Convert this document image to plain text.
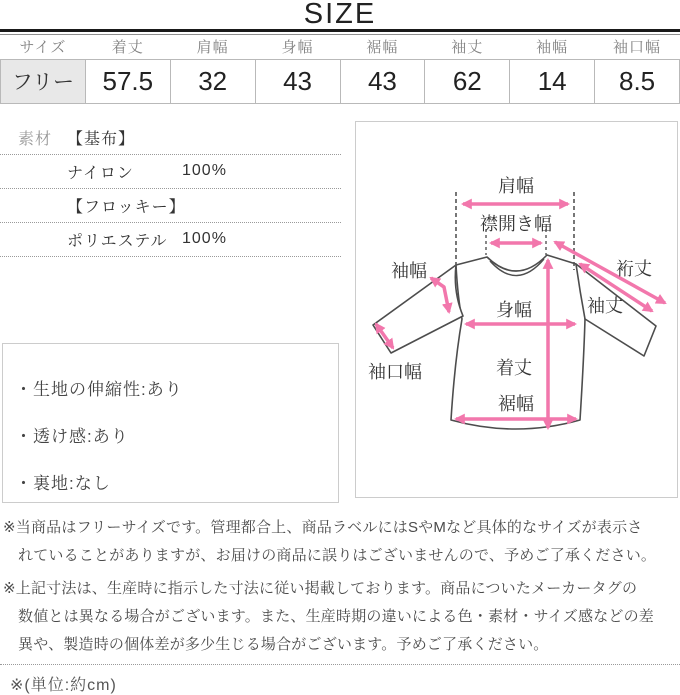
SIZE
サイズ	着丈	肩幅	身幅	裾幅	袖丈	袖幅	袖口幅
フリー	57.5	32	43	43	62	14	8.5
素材 【基布】
ナイロン	100%
【フロッキー】
ポリエステル 100%
・生地の伸縮性:あり
・透け感:あり
・裏地:なし
肩幅
襟開き幅
袖幅	裄丈
袖丈
身幅
袖口幅	着丈
裾幅
※当商品はフリーサイズです。管理都合上、商品ラベルにはSやMなど具体的なサイズが表示さ
れていることがありますが、お届けの商品に誤りはございませんので、予めご了承ください。
※上記寸法は、生産時に指示した寸法に従い掲載しております。商品についたメーカータグの
数値とは異なる場合がございます。また、生産時期の違いによる色・素材・サイズ感などの差
異や、製造時の個体差が多少生じる場合がございます。予めご了承ください。
※(単位:約cm)
